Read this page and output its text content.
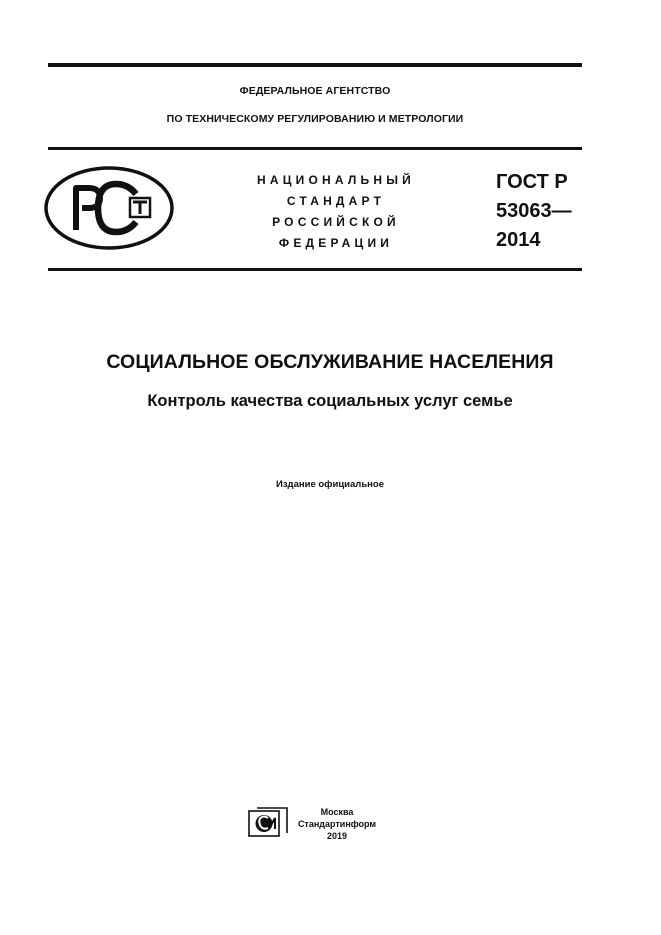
ФЕДЕРАЛЬНОЕ АГЕНТСТВО
ПО ТЕХНИЧЕСКОМУ РЕГУЛИРОВАНИЮ И МЕТРОЛОГИИ
НАЦИОНАЛЬНЫЙ
СТАНДАРТ
РОССИЙСКОЙ
ФЕДЕРАЦИИ
ГОСТ Р
53063—
2014
СОЦИАЛЬНОЕ ОБСЛУЖИВАНИЕ НАСЕЛЕНИЯ
Контроль качества социальных услуг семье
Издание официальное
Москва
Стандартинформ
2019
